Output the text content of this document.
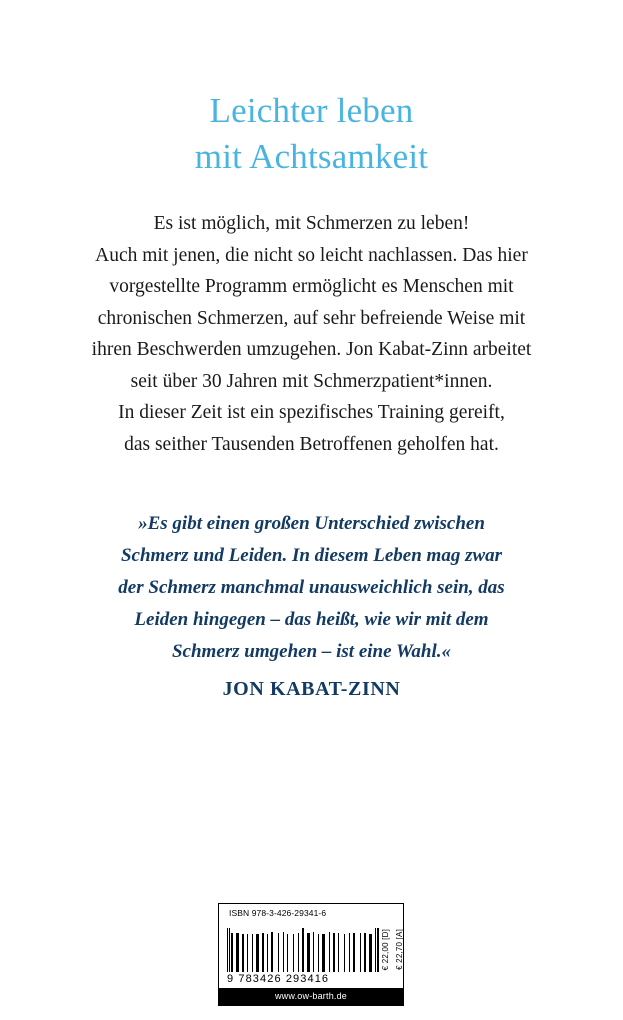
Leichter leben
mit Achtsamkeit
Es ist möglich, mit Schmerzen zu leben!
Auch mit jenen, die nicht so leicht nachlassen. Das hier
vorgestellte Programm ermöglicht es Menschen mit
chronischen Schmerzen, auf sehr befreiende Weise mit
ihren Beschwerden umzugehen. Jon Kabat-Zinn arbeitet
seit über 30 Jahren mit Schmerzpatient*innen.
In dieser Zeit ist ein spezifisches Training gereift,
das seither Tausenden Betroffenen geholfen hat.
»Es gibt einen großen Unterschied zwischen
Schmerz und Leiden. In diesem Leben mag zwar
der Schmerz manchmal unausweichlich sein, das
Leiden hingegen – das heißt, wie wir mit dem
Schmerz umgehen – ist eine Wahl.«
JON KABAT-ZINN
ISBN 978-3-426-29341-6
€ 22,00 [D] € 22,70 [A]
9 783426 293416
www.ow-barth.de
